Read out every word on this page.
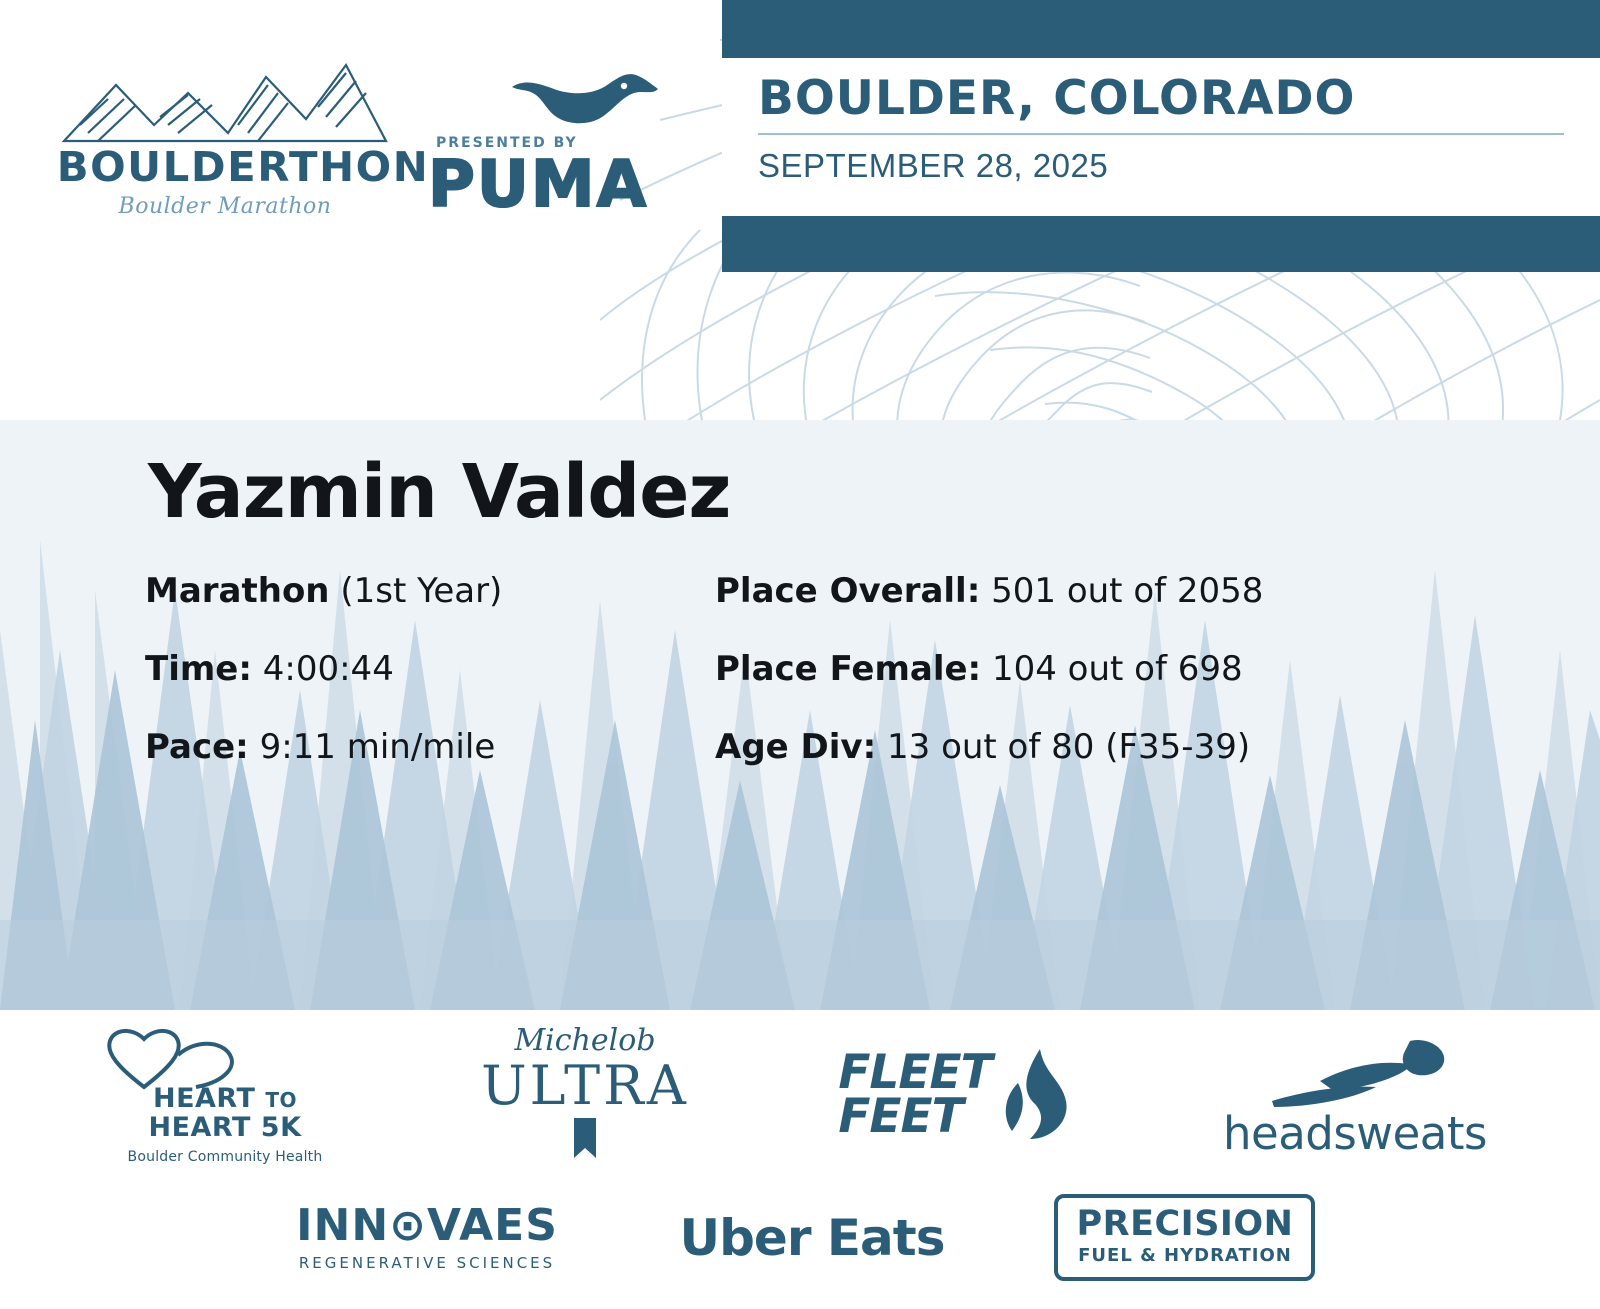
BOULDERTHON
Boulder Marathon
PRESENTED BY
PUMA
BOULDER, COLORADO
SEPTEMBER 28, 2025
Yazmin Valdez
Marathon (1st Year)	Place Overall: 501 out of 2058
Time: 4:00:44	Place Female: 104 out of 698
Pace: 9:11 min/mile	Age Div: 13 out of 80 (F35-39)
HEART TO
HEART 5K
Boulder Community Health
Michelob
ULTRA	FLEET
FEET	headsweats
INN⊙VAES
REGENERATIVE SCIENCES Uber Eats	PRECISION
FUEL & HYDRATION
